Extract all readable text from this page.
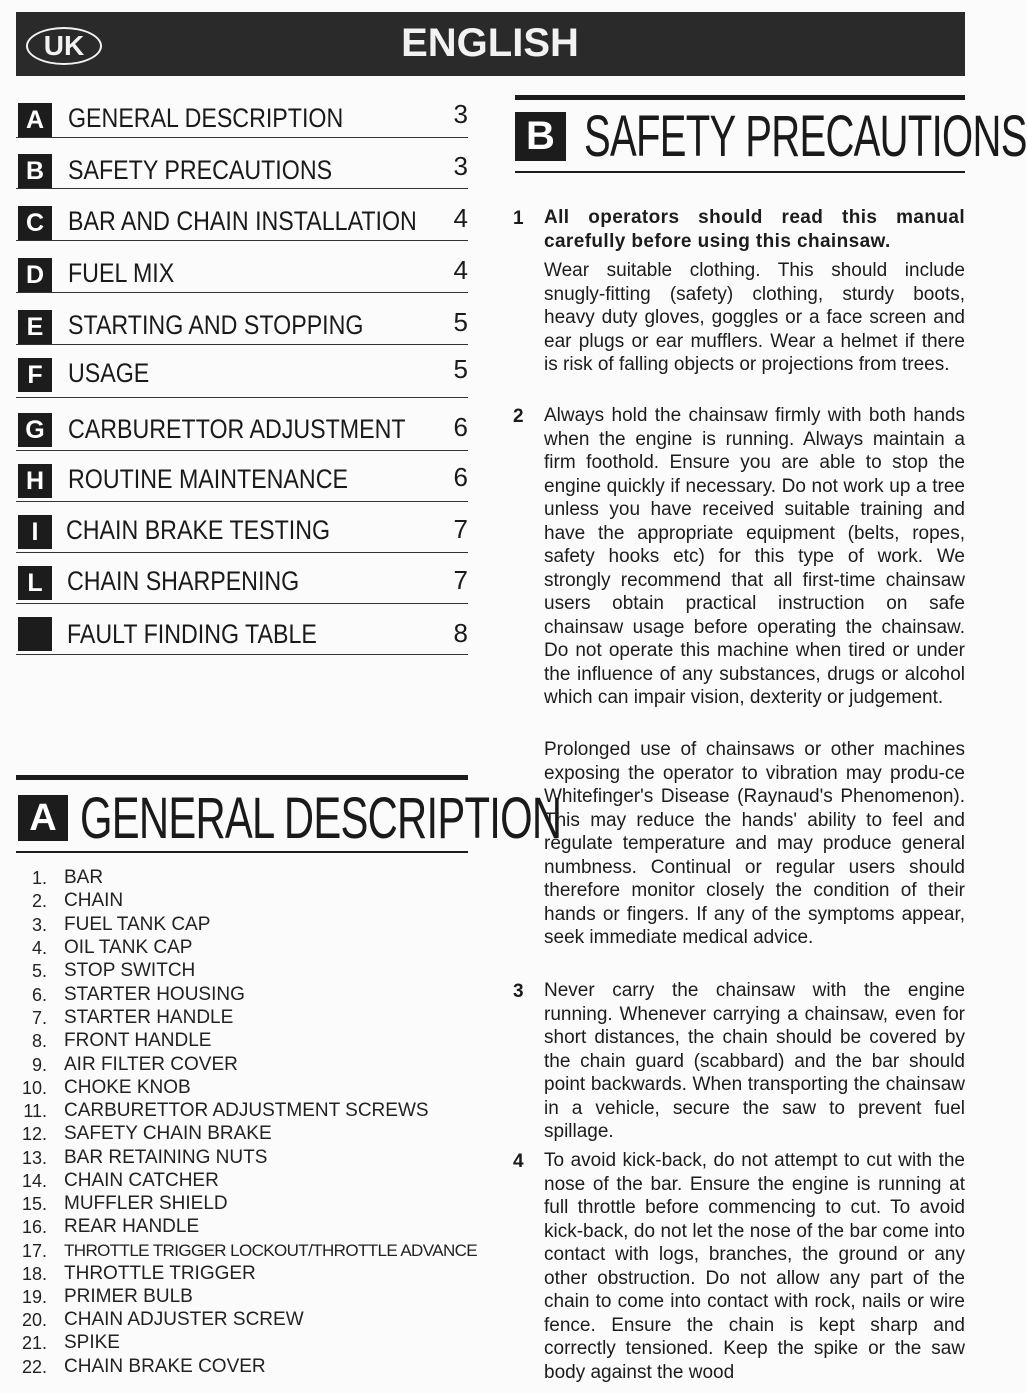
UK	ENGLISH
A GENERAL DESCRIPTION	3
B SAFETY PRECAUTIONS	3
C BAR AND CHAIN INSTALLATION 4
D FUEL MIX	4
E STARTING AND STOPPING	5
F USAGE	5
G CARBURETTOR ADJUSTMENT 6
H ROUTINE MAINTENANCE	6
I	CHAIN BRAKE TESTING	7
L CHAIN SHARPENING	7
FAULT FINDING TABLE	8
A GENERAL DESCRIPTION
1. BAR
2. CHAIN
3. FUEL TANK CAP
4. OIL TANK CAP
5. STOP SWITCH
6. STARTER HOUSING
7. STARTER HANDLE
8. FRONT HANDLE
9. AIR FILTER COVER
10. CHOKE KNOB
11. CARBURETTOR ADJUSTMENT SCREWS
12. SAFETY CHAIN BRAKE
13. BAR RETAINING NUTS
14. CHAIN CATCHER
15. MUFFLER SHIELD
16. REAR HANDLE
17. THROTTLE TRIGGER LOCKOUT/THROTTLE ADVANCE
18. THROTTLE TRIGGER
19. PRIMER BULB
20. CHAIN ADJUSTER SCREW
21. SPIKE
22. CHAIN BRAKE COVER
B SAFETY PRECAUTIONS
1 All operators should read this manual carefully before using this chainsaw.

Wear suitable clothing. This should include snugly-fitting (safety) clothing, sturdy boots, heavy duty gloves, goggles or a face screen and ear plugs or ear mufflers. Wear a helmet if there is risk of falling objects or projections from trees.

2 Always hold the chainsaw firmly with both hands when the engine is running. Always maintain a firm foothold. Ensure you are able to stop the engine quickly if necessary. Do not work up a tree unless you have received suitable training and have the appropriate equipment (belts, ropes, safety hooks etc) for this type of work. We strongly recommend that all first-time chainsaw users obtain practical instruction on safe chainsaw usage before operating the chainsaw. Do not operate this machine when tired or under the influence of any substances, drugs or alcohol which can impair vision, dexterity or judgement.

Prolonged use of chainsaws or other machines exposing the operator to vibration may produ-ce Whitefinger's Disease (Raynaud's Phenomenon). This may reduce the hands' ability to feel and regulate temperature and may produce general numbness. Continual or regular users should therefore monitor closely the condition of their hands or fingers. If any of the symptoms appear, seek immediate medical advice.

3 Never carry the chainsaw with the engine running. Whenever carrying a chainsaw, even for short distances, the chain should be covered by the chain guard (scabbard) and the bar should point backwards. When transporting the chainsaw in a vehicle, secure the saw to prevent fuel spillage.

4 To avoid kick-back, do not attempt to cut with the nose of the bar. Ensure the engine is running at full throttle before commencing to cut. To avoid kick-back, do not let the nose of the bar come into contact with logs, branches, the ground or any other obstruction. Do not allow any part of the chain to come into contact with rock, nails or wire fence. Ensure the chain is kept sharp and correctly tensioned. Keep the spike or the saw body against the wood
